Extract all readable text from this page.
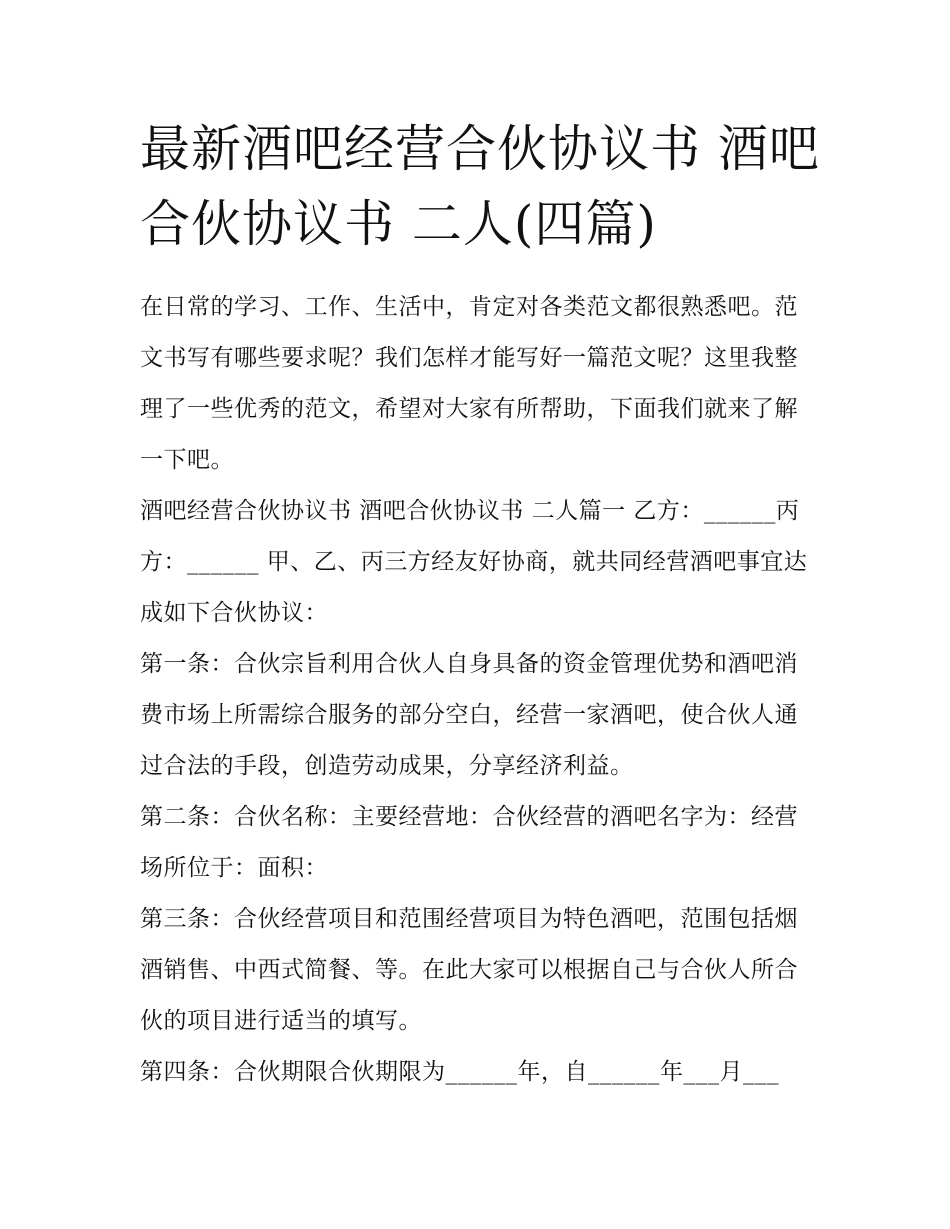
最新酒吧经营合伙协议书 酒吧
合伙协议书 二人(四篇)

在日常的学习、工作、生活中，肯定对各类范文都很熟悉吧。范文书写有哪些要求呢？我们怎样才能写好一篇范文呢？这里我整理了一些优秀的范文，希望对大家有所帮助，下面我们就来了解一下吧。

酒吧经营合伙协议书 酒吧合伙协议书 二人篇一 乙方：______丙方：______ 甲、乙、丙三方经友好协商，就共同经营酒吧事宜达成如下合伙协议：

第一条：合伙宗旨利用合伙人自身具备的资金管理优势和酒吧消费市场上所需综合服务的部分空白，经营一家酒吧，使合伙人通过合法的手段，创造劳动成果，分享经济利益。

第二条：合伙名称：主要经营地：合伙经营的酒吧名字为：经营场所位于：面积：

第三条：合伙经营项目和范围经营项目为特色酒吧，范围包括烟酒销售、中西式简餐、等。在此大家可以根据自己与合伙人所合伙的项目进行适当的填写。

第四条：合伙期限合伙期限为______年，自______年___月___
